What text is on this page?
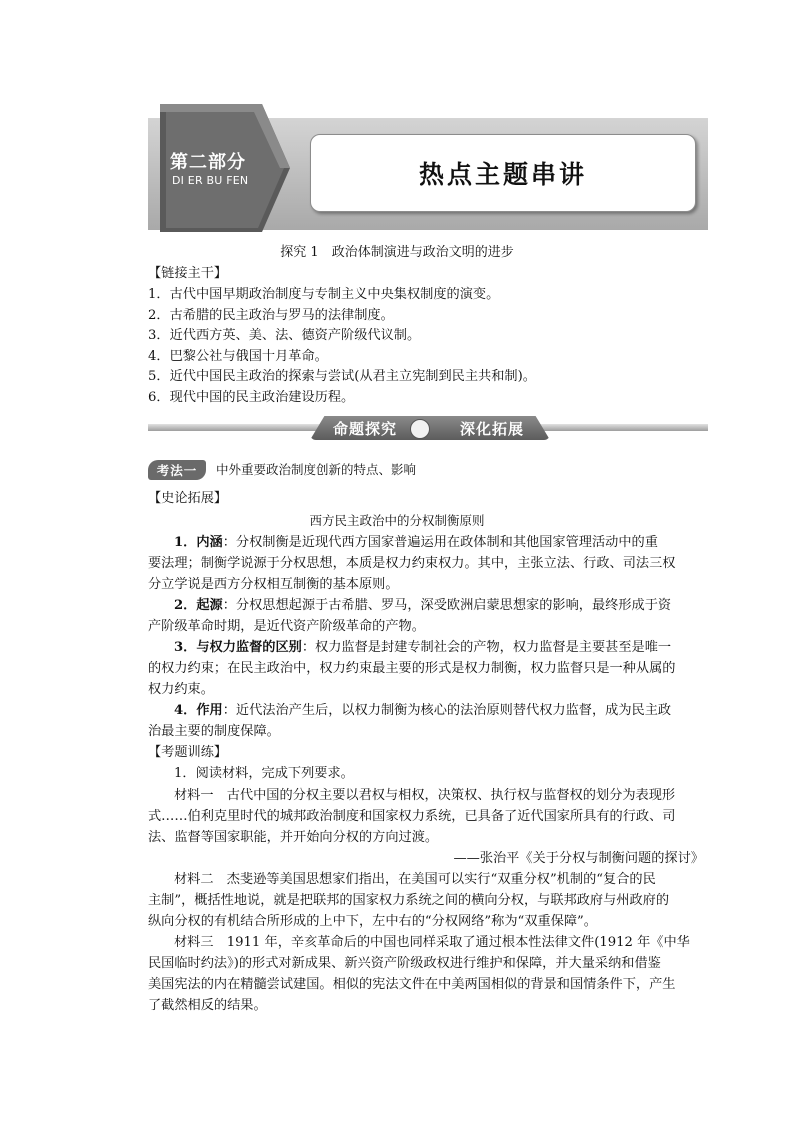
第二部分
DI ER BU FEN	热点主题串讲
探究 1　政治体制演进与政治文明的进步
【链接主干】
1．古代中国早期政治制度与专制主义中央集权制度的演变。
2．古希腊的民主政治与罗马的法律制度。
3．近代西方英、美、法、德资产阶级代议制。
4．巴黎公社与俄国十月革命。
5．近代中国民主政治的探索与尝试(从君主立宪制到民主共和制)。
6．现代中国的民主政治建设历程。
命题探究	深化拓展
考法一	中外重要政治制度创新的特点、影响
【史论拓展】
西方民主政治中的分权制衡原则
1．内涵：分权制衡是近现代西方国家普遍运用在政体制和其他国家管理活动中的重
要法理；制衡学说源于分权思想，本质是权力约束权力。其中，主张立法、行政、司法三权
分立学说是西方分权相互制衡的基本原则。
2．起源：分权思想起源于古希腊、罗马，深受欧洲启蒙思想家的影响，最终形成于资
产阶级革命时期，是近代资产阶级革命的产物。
3．与权力监督的区别：权力监督是封建专制社会的产物，权力监督是主要甚至是唯一
的权力约束；在民主政治中，权力约束最主要的形式是权力制衡，权力监督只是一种从属的
权力约束。
4．作用：近代法治产生后，以权力制衡为核心的法治原则替代权力监督，成为民主政
治最主要的制度保障。
【考题训练】
1．阅读材料，完成下列要求。
材料一　古代中国的分权主要以君权与相权，决策权、执行权与监督权的划分为表现形
式……伯利克里时代的城邦政治制度和国家权力系统，已具备了近代国家所具有的行政、司
法、监督等国家职能，并开始向分权的方向过渡。
——张治平《关于分权与制衡问题的探讨》
材料二　杰斐逊等美国思想家们指出，在美国可以实行“双重分权”机制的“复合的民
主制”，概括性地说，就是把联邦的国家权力系统之间的横向分权，与联邦政府与州政府的
纵向分权的有机结合所形成的上中下，左中右的“分权网络”称为“双重保障”。
材料三　1911 年，辛亥革命后的中国也同样采取了通过根本性法律文件(1912 年《中华
民国临时约法》)的形式对新成果、新兴资产阶级政权进行维护和保障，并大量采纳和借鉴
美国宪法的内在精髓尝试建国。相似的宪法文件在中美两国相似的背景和国情条件下，产生
了截然相反的结果。
